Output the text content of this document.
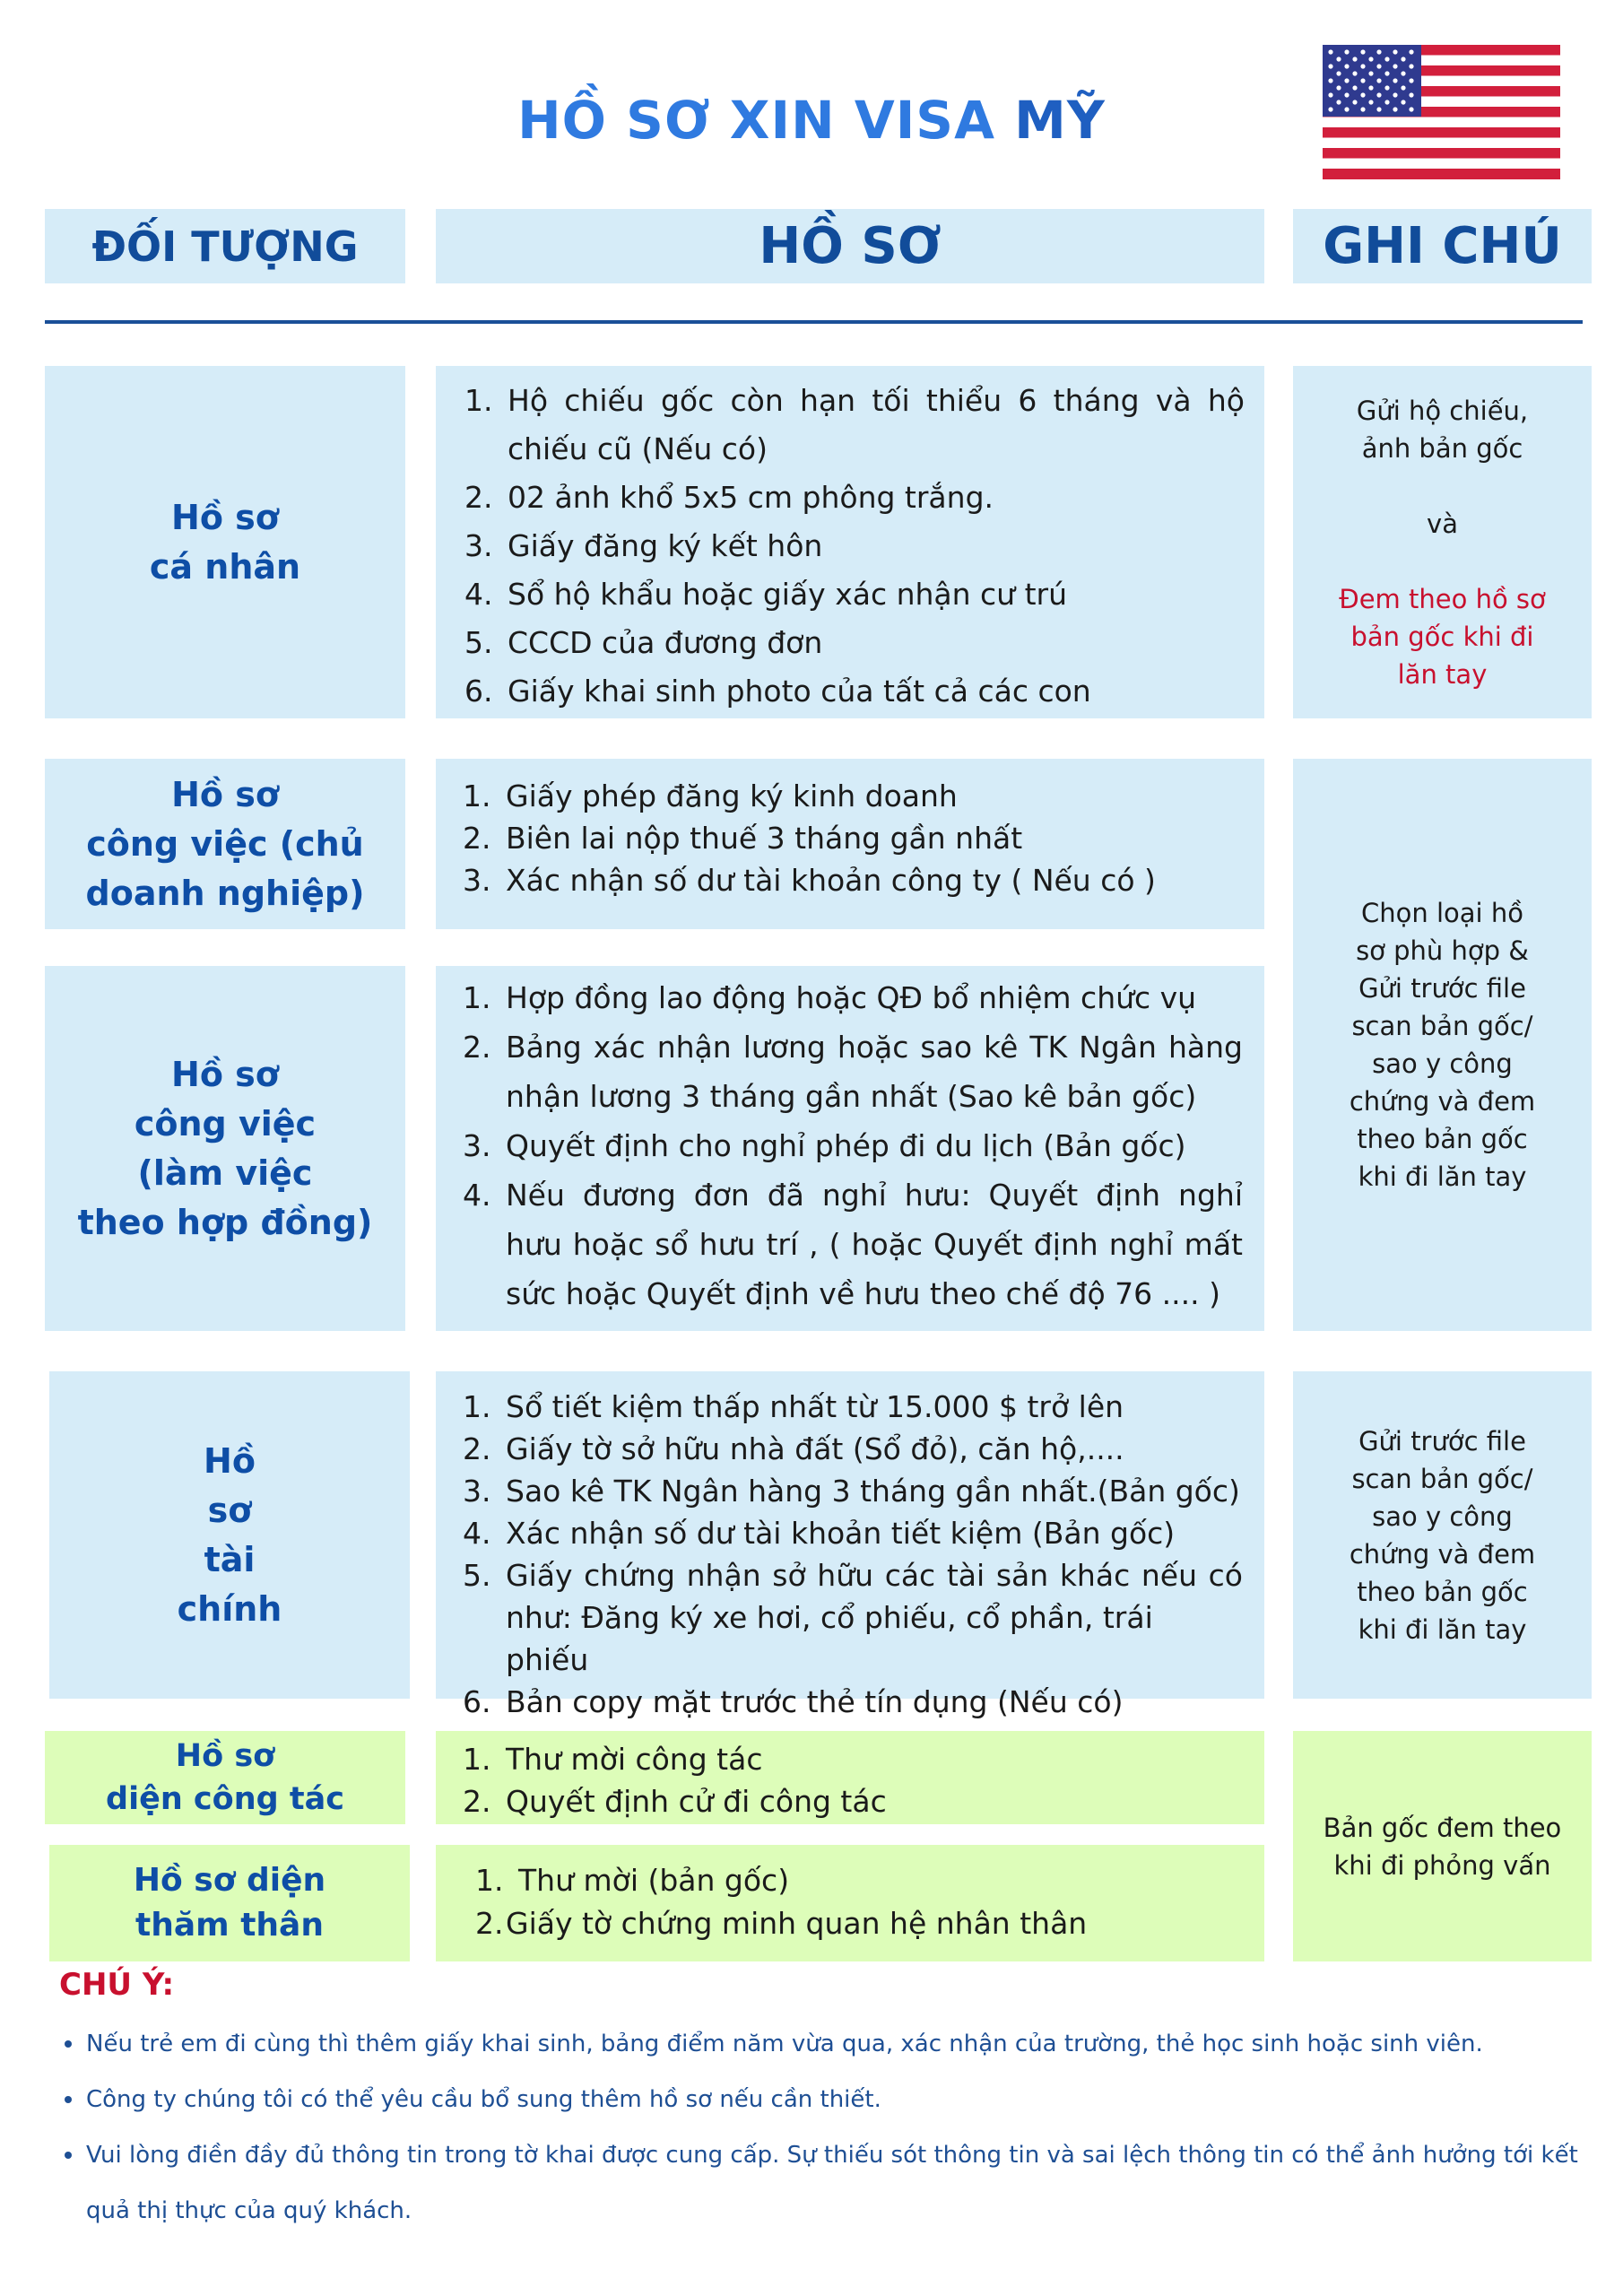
HỒ SƠ XIN VISA MỸ
ĐỐI TƯỢNG	HỒ SƠ	GHI CHÚ
Hồ sơ
cá nhân
1. Hộ chiếu gốc còn hạn tối thiểu 6 tháng và hộ
chiếu cũ (Nếu có)
2. 02 ảnh khổ 5x5 cm phông trắng.
3. Giấy đăng ký kết hôn
4. Sổ hộ khẩu hoặc giấy xác nhận cư trú
5. CCCD của đương đơn
6. Giấy khai sinh photo của tất cả các con
Gửi hộ chiếu,
ảnh bản gốc
và
Đem theo hồ sơ
bản gốc khi đi
lăn tay
Hồ sơ
công việc (chủ
doanh nghiệp)
1. Giấy phép đăng ký kinh doanh
2. Biên lai nộp thuế 3 tháng gần nhất
3. Xác nhận số dư tài khoản công ty ( Nếu có )
Hồ sơ
công việc
(làm việc
theo hợp đồng)
1. Hợp đồng lao động hoặc QĐ bổ nhiệm chức vụ
2. Bảng xác nhận lương hoặc sao kê TK Ngân hàng
nhận lương 3 tháng gần nhất (Sao kê bản gốc)
3. Quyết định cho nghỉ phép đi du lịch (Bản gốc)
4. Nếu đương đơn đã nghỉ hưu: Quyết định nghỉ
hưu hoặc sổ hưu trí , ( hoặc Quyết định nghỉ mất
sức hoặc Quyết định về hưu theo chế độ 76 .... )
Chọn loại hồ
sơ phù hợp &
Gửi trước file
scan bản gốc/
sao y công
chứng và đem
theo bản gốc
khi đi lăn tay
Hồ
sơ
tài
chính
1. Sổ tiết kiệm thấp nhất từ 15.000 $ trở lên
2. Giấy tờ sở hữu nhà đất (Sổ đỏ), căn hộ,....
3. Sao kê TK Ngân hàng 3 tháng gần nhất.(Bản gốc)
4. Xác nhận số dư tài khoản tiết kiệm (Bản gốc)
5. Giấy chứng nhận sở hữu các tài sản khác nếu có
như: Đăng ký xe hơi, cổ phiếu, cổ phần, trái phiếu
6. Bản copy mặt trước thẻ tín dụng (Nếu có)
Gửi trước file
scan bản gốc/
sao y công
chứng và đem
theo bản gốc
khi đi lăn tay
Hồ sơ
diện công tác
1. Thư mời công tác
2. Quyết định cử đi công tác
Hồ sơ diện
thăm thân
1. Thư mời (bản gốc)
2. Giấy tờ chứng minh quan hệ nhân thân
Bản gốc đem theo
khi đi phỏng vấn
CHÚ Ý:
Nếu trẻ em đi cùng thì thêm giấy khai sinh, bảng điểm năm vừa qua, xác nhận của trường, thẻ học sinh hoặc sinh viên.
Công ty chúng tôi có thể yêu cầu bổ sung thêm hồ sơ nếu cần thiết.
Vui lòng điền đầy đủ thông tin trong tờ khai được cung cấp. Sự thiếu sót thông tin và sai lệch thông tin có thể ảnh hưởng tới kết quả thị thực của quý khách.
